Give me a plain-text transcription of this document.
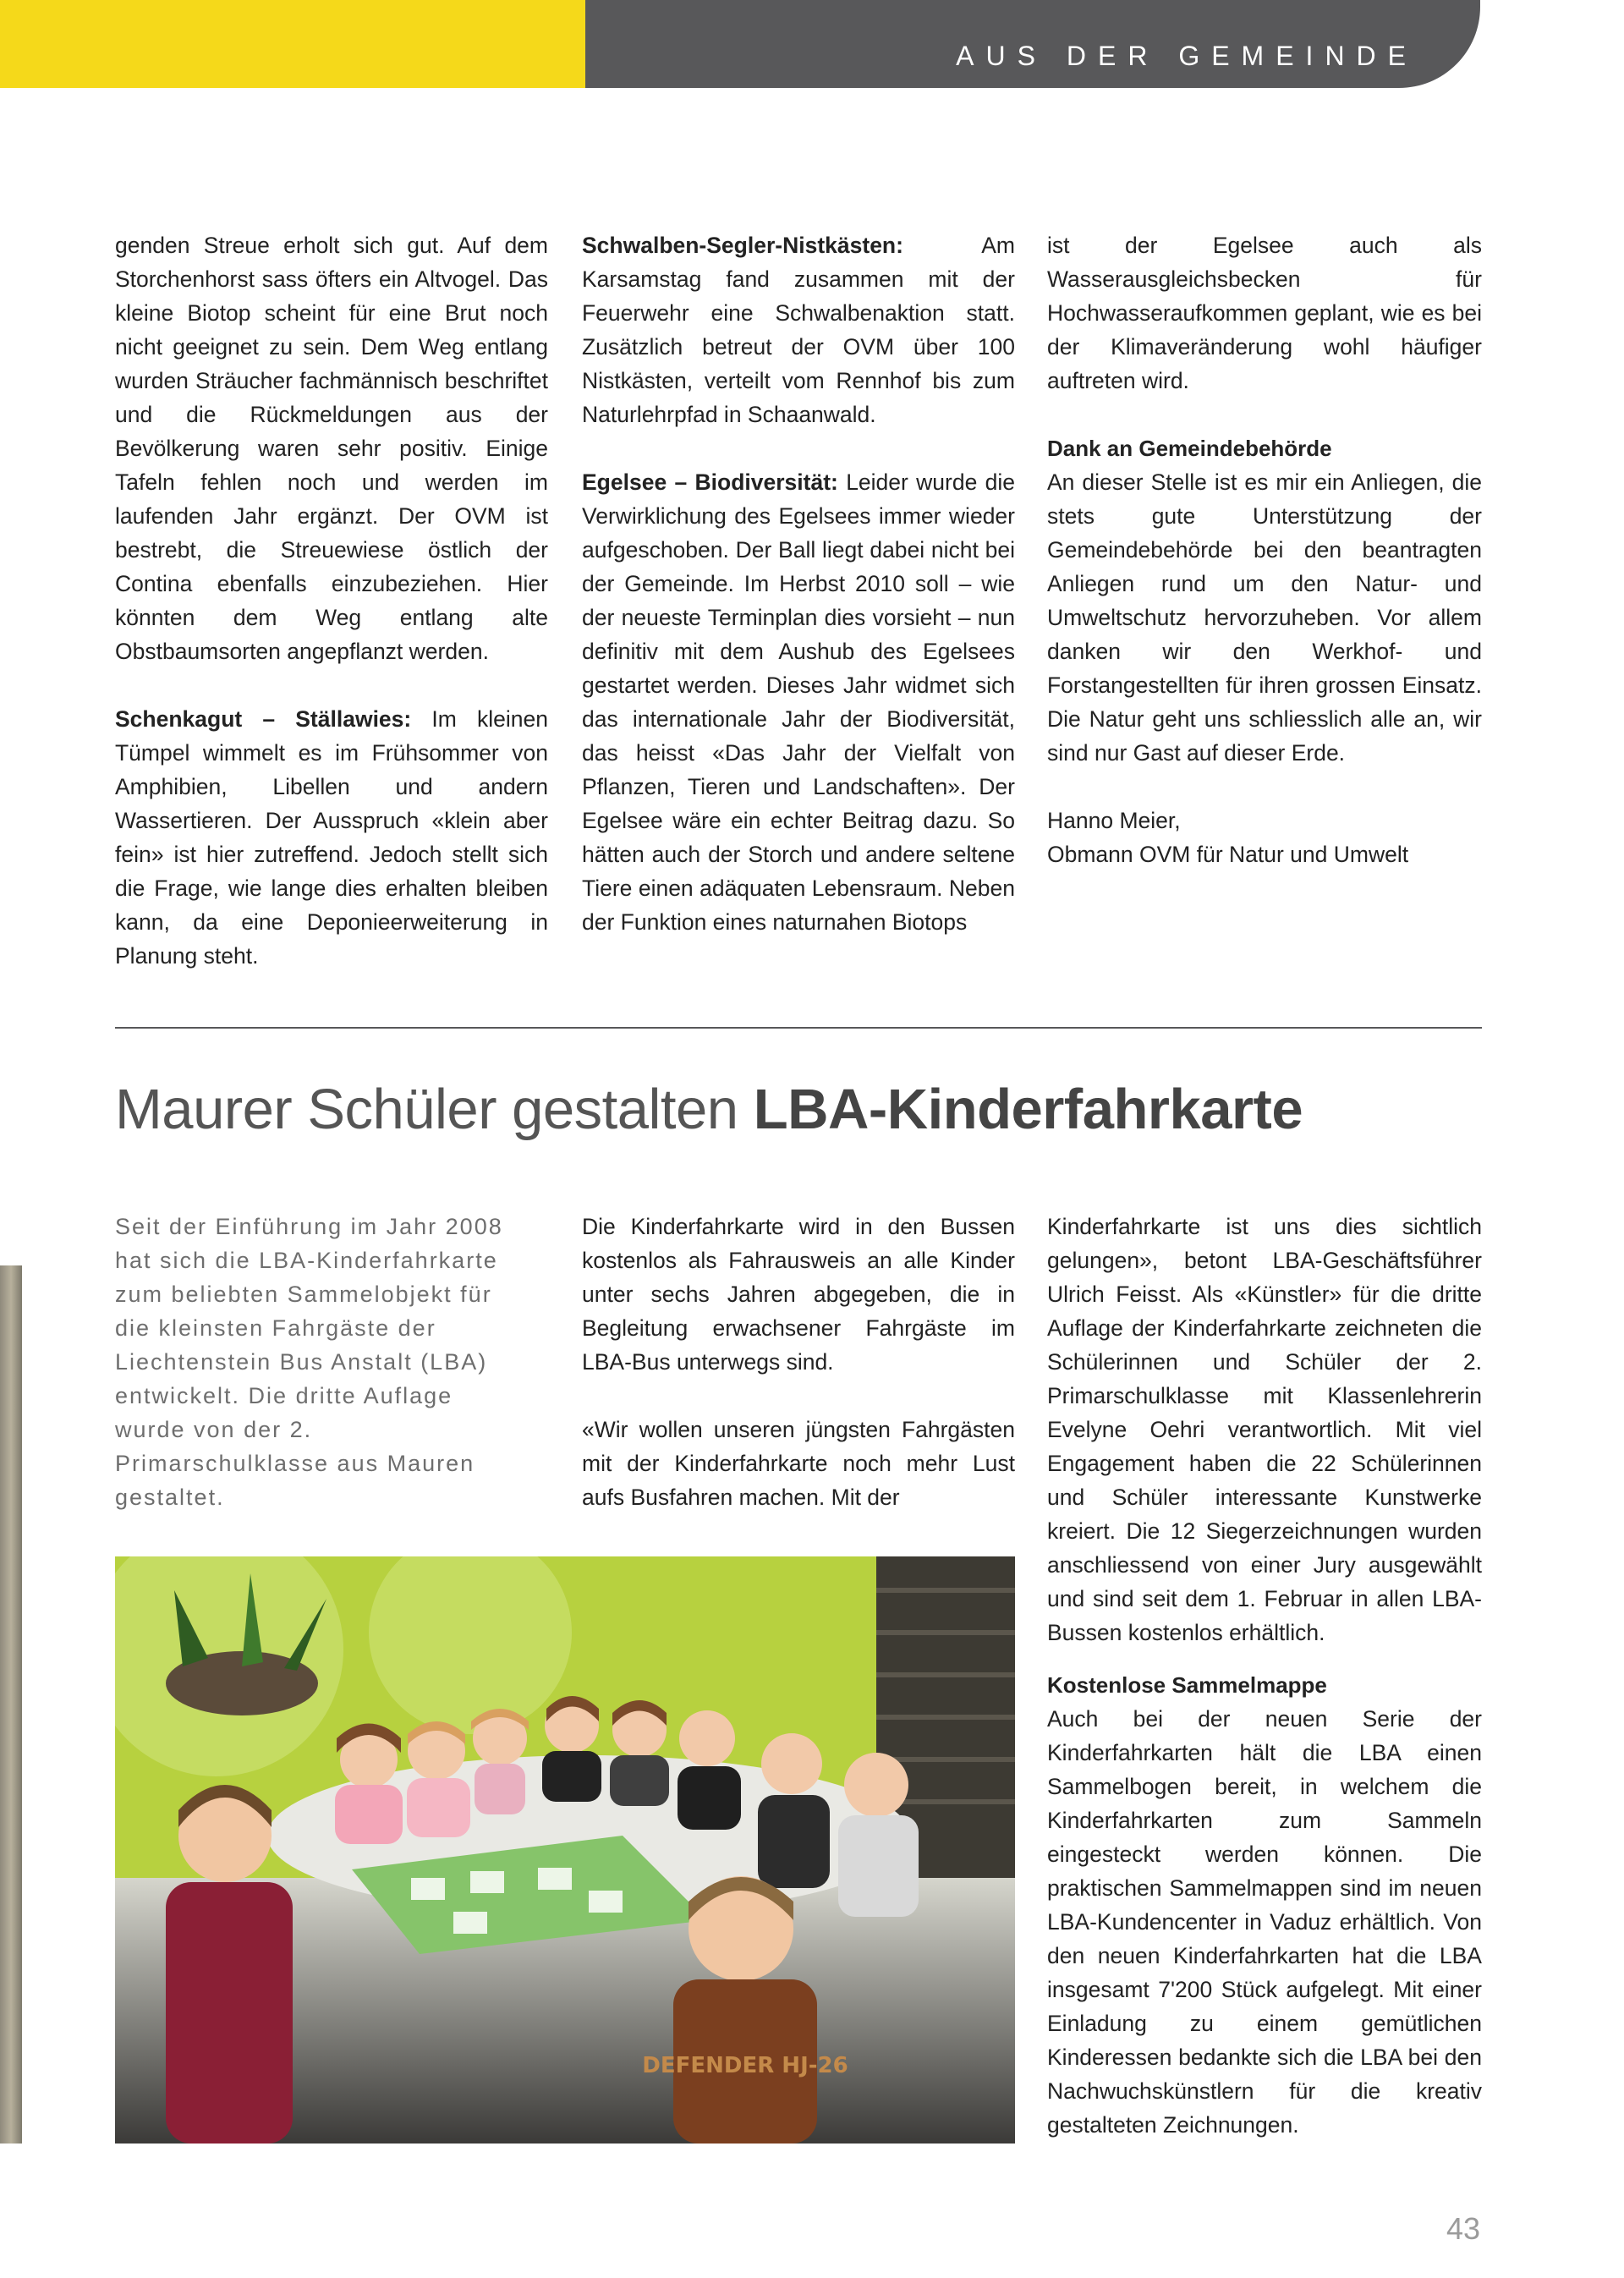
AUS DER GEMEINDE

genden Streue erholt sich gut. Auf dem Storchenhorst sass öfters ein Altvogel. Das kleine Biotop scheint für eine Brut noch nicht geeignet zu sein. Dem Weg entlang wurden Sträucher fachmännisch beschriftet und die Rückmeldungen aus der Bevölkerung waren sehr positiv. Einige Tafeln fehlen noch und werden im laufenden Jahr ergänzt. Der OVM ist bestrebt, die Streuewiese östlich der Contina ebenfalls einzubeziehen. Hier könnten dem Weg entlang alte Obstbaumsorten angepflanzt werden.

Schenkagut – Ställawies: Im kleinen Tümpel wimmelt es im Frühsommer von Amphibien, Libellen und andern Wassertieren. Der Ausspruch «klein aber fein» ist hier zutreffend. Jedoch stellt sich die Frage, wie lange dies erhalten bleiben kann, da eine Deponieerweiterung in Planung steht.

Schwalben-Segler-Nistkästen:	Am Karsamstag fand zusammen mit der Feuerwehr eine Schwalbenaktion statt. Zusätzlich betreut der OVM über 100 Nistkästen, verteilt vom Rennhof bis zum Naturlehrpfad in Schaanwald.

Egelsee – Biodiversität: Leider wurde die Verwirklichung des Egelsees immer wieder aufgeschoben. Der Ball liegt dabei nicht bei der Gemeinde. Im Herbst 2010 soll – wie der neueste Terminplan dies vorsieht – nun definitiv mit dem Aushub des Egelsees gestartet werden. Dieses Jahr widmet sich das internationale Jahr der Biodiversität, das heisst «Das Jahr der Vielfalt von Pflanzen, Tieren und Landschaften». Der Egelsee wäre ein echter Beitrag dazu. So hätten auch der Storch und andere seltene Tiere einen adäquaten Lebensraum. Neben der Funktion eines naturnahen Biotops

ist der Egelsee auch als Wasserausgleichsbecken für Hochwasseraufkommen geplant, wie es bei der Klimaveränderung wohl häufiger auftreten wird.

Dank an Gemeindebehörde

An dieser Stelle ist es mir ein Anliegen, die stets gute Unterstützung der Gemeindebehörde bei den beantragten Anliegen rund um den Natur- und Umweltschutz hervorzuheben. Vor allem danken wir den Werkhof- und Forstangestellten für ihren grossen Einsatz. Die Natur geht uns schliesslich alle an, wir sind nur Gast auf dieser Erde.

Hanno Meier,

Obmann OVM für Natur und Umwelt
Maurer Schüler gestalten LBA-Kinderfahrkarte
Seit der Einführung im Jahr 2008 hat sich die LBA-Kinderfahrkarte zum beliebten Sammelobjekt für die kleinsten Fahrgäste der Liechtenstein Bus Anstalt (LBA) entwickelt. Die dritte Auflage wurde von der 2. Primarschulklasse aus Mauren gestaltet.

Die Kinderfahrkarte wird in den Bussen kostenlos als Fahrausweis an alle Kinder unter sechs Jahren abgegeben, die in Begleitung erwachsener Fahrgäste im LBA-Bus unterwegs sind.

«Wir wollen unseren jüngsten Fahrgästen mit der Kinderfahrkarte noch mehr Lust aufs Busfahren machen. Mit der

Kinderfahrkarte ist uns dies sichtlich gelungen», betont LBA-Geschäftsführer Ulrich Feisst. Als «Künstler» für die dritte Auflage der Kinderfahrkarte zeichneten die Schülerinnen und Schüler der 2. Primarschulklasse mit Klassenlehrerin Evelyne Oehri verantwortlich. Mit viel Engagement haben die 22 Schülerinnen und Schüler interessante Kunstwerke kreiert. Die 12 Siegerzeichnungen wurden anschliessend von einer Jury ausgewählt und sind seit dem 1. Februar in allen LBA-Bussen kostenlos erhältlich.

Kostenlose Sammelmappe

Auch bei der neuen Serie der Kinderfahrkarten hält die LBA einen Sammelbogen bereit, in welchem die Kinderfahrkarten zum Sammeln eingesteckt werden können. Die praktischen Sammelmappen sind im neuen LBA-Kundencenter in Vaduz erhältlich. Von den neuen Kinderfahrkarten hat die LBA insgesamt 7'200 Stück aufgelegt. Mit einer Einladung zu einem gemütlichen Kinderessen bedankte sich die LBA bei den Nachwuchskünstlern für die kreativ gestalteten Zeichnungen.

DEFENDER HJ-26
43
